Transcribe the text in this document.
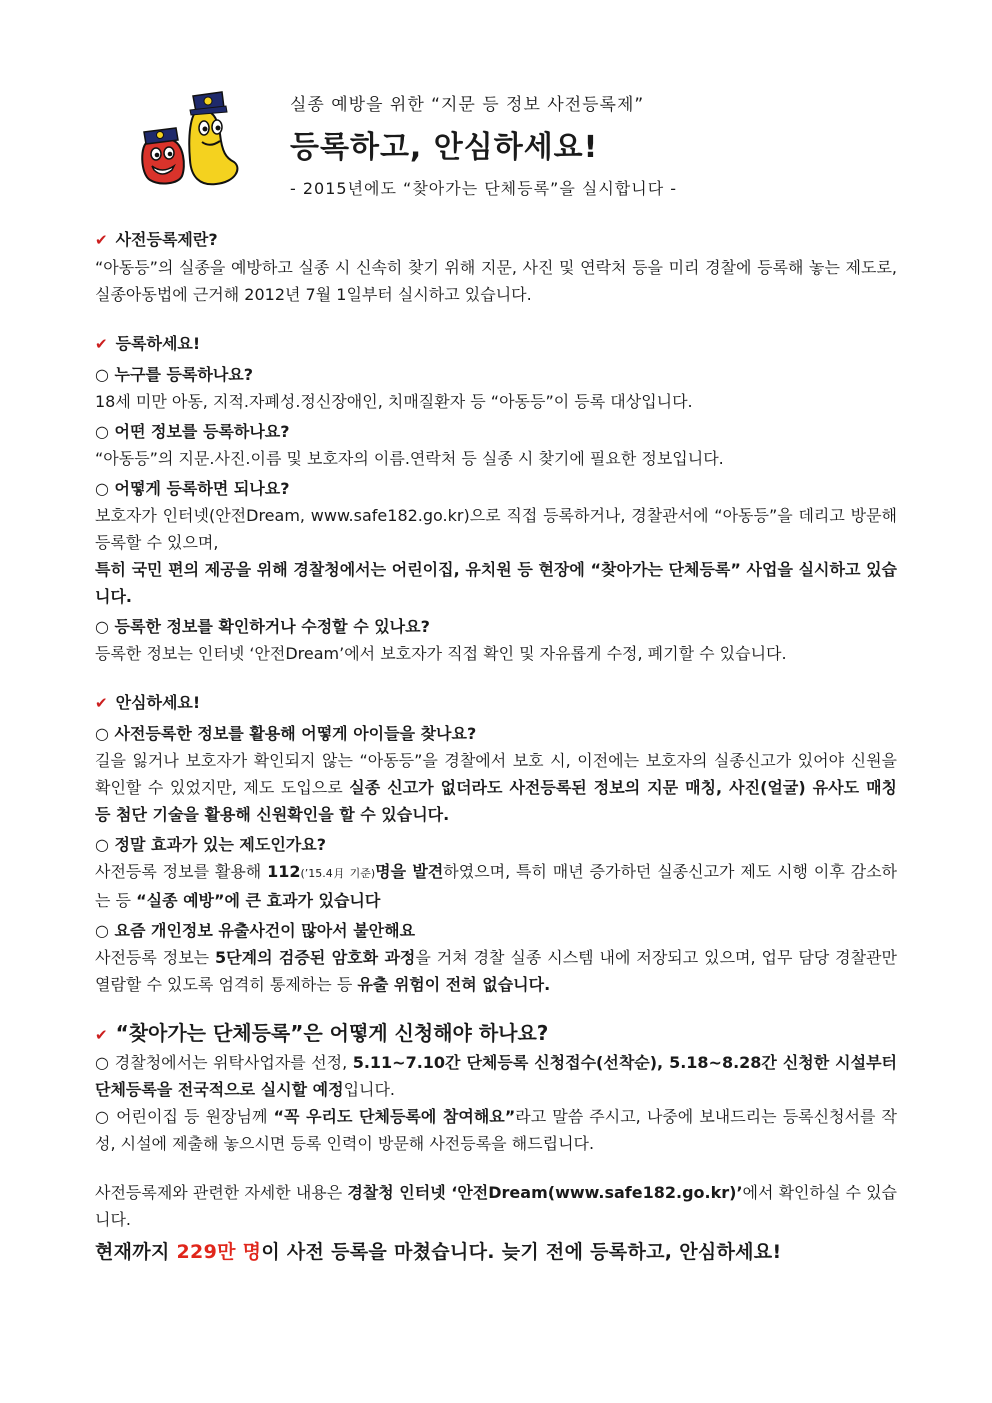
실종 예방을 위한 “지문 등 정보 사전등록제”
등록하고, 안심하세요!
- 2015년에도 “찾아가는 단체등록”을 실시합니다 -
✔ 사전등록제란?
“아동등”의 실종을 예방하고 실종 시 신속히 찾기 위해 지문, 사진 및 연락처 등을 미리 경찰에 등록해 놓는 제도로, 실종아동법에 근거해 2012년 7월 1일부터 실시하고 있습니다.
✔ 등록하세요!
○ 누구를 등록하나요?
18세 미만 아동, 지적.자폐성.정신장애인, 치매질환자 등 “아동등”이 등록 대상입니다.
○ 어떤 정보를 등록하나요?
“아동등”의 지문.사진.이름 및 보호자의 이름.연락처 등 실종 시 찾기에 필요한 정보입니다.
○ 어떻게 등록하면 되나요?
보호자가 인터넷(안전Dream, www.safe182.go.kr)으로 직접 등록하거나, 경찰관서에 “아동등”을 데리고 방문해 등록할 수 있으며,
특히 국민 편의 제공을 위해 경찰청에서는 어린이집, 유치원 등 현장에 “찾아가는 단체등록” 사업을 실시하고 있습니다.
○ 등록한 정보를 확인하거나 수정할 수 있나요?
등록한 정보는 인터넷 ‘안전Dream’에서 보호자가 직접 확인 및 자유롭게 수정, 폐기할 수 있습니다.
✔ 안심하세요!
○ 사전등록한 정보를 활용해 어떻게 아이들을 찾나요?
길을 잃거나 보호자가 확인되지 않는 “아동등”을 경찰에서 보호 시, 이전에는 보호자의 실종신고가 있어야 신원을 확인할 수 있었지만, 제도 도입으로 실종 신고가 없더라도 사전등록된 정보의 지문 매칭, 사진(얼굴) 유사도 매칭 등 첨단 기술을 활용해 신원확인을 할 수 있습니다.
○ 정말 효과가 있는 제도인가요?
사전등록 정보를 활용해 112(’15.4月 기준)명을 발견하였으며, 특히 매년 증가하던 실종신고가 제도 시행 이후 감소하는 등 “실종 예방”에 큰 효과가 있습니다
○ 요즘 개인정보 유출사건이 많아서 불안해요
사전등록 정보는 5단계의 검증된 암호화 과정을 거쳐 경찰 실종 시스템 내에 저장되고 있으며, 업무 담당 경찰관만 열람할 수 있도록 엄격히 통제하는 등 유출 위험이 전혀 없습니다.
✔ “찾아가는 단체등록”은 어떻게 신청해야 하나요?
○ 경찰청에서는 위탁사업자를 선정, 5.11~7.10간 단체등록 신청접수(선착순), 5.18~8.28간 신청한 시설부터 단체등록을 전국적으로 실시할 예정입니다.
○ 어린이집 등 원장님께 “꼭 우리도 단체등록에 참여해요”라고 말씀 주시고, 나중에 보내드리는 등록신청서를 작성, 시설에 제출해 놓으시면 등록 인력이 방문해 사전등록을 해드립니다.
사전등록제와 관련한 자세한 내용은 경찰청 인터넷 ‘안전Dream(www.safe182.go.kr)’에서 확인하실 수 있습니다.
현재까지 229만 명이 사전 등록을 마쳤습니다. 늦기 전에 등록하고, 안심하세요!
